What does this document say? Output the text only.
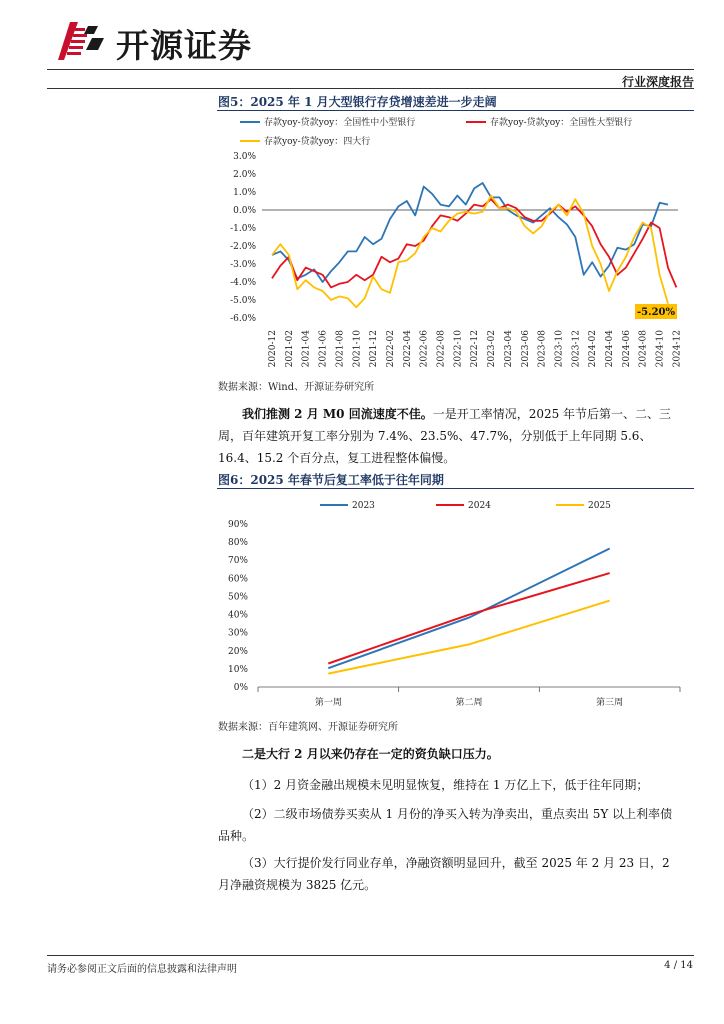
开源证券
行业深度报告
图5：2025 年 1 月大型银行存贷增速差进一步走阔
存款yoy-贷款yoy：全国性中小型银行	存款yoy-贷款yoy：全国性大型银行
存款yoy-贷款yoy：四大行
3.0%
2.0%
1.0%
0.0%
-1.0%
-2.0%
-3.0%
-4.0%
-5.0%
-6.0%
2020-12 2021-02 2021-04 2021-06 2021-08 2021-10 2021-12 2022-02 2022-04 2022-06 2022-08 2022-10 2022-12 2023-02 2023-04 2023-06 2023-08 2023-10 2023-12 2024-02 2024-04 2024-06 2024-08 2024-10 2024-12
-5.20%
数据来源：Wind、开源证券研究所
我们推测 2 月 M0 回流速度不佳。一是开工率情况，2025 年节后第一、二、三周，百年建筑开复工率分别为 7.4%、23.5%、47.7%，分别低于上年同期 5.6、16.4、15.2 个百分点，复工进程整体偏慢。
图6：2025 年春节后复工率低于往年同期
2023	2024	2025
90%
80%
70%
60%
50%
40%
30%
20%
10%
0%
第一周	第二周	第三周
数据来源：百年建筑网、开源证券研究所
二是大行 2 月以来仍存在一定的资负缺口压力。
（1）2 月资金融出规模未见明显恢复，维持在 1 万亿上下，低于往年同期；
（2）二级市场债券买卖从 1 月份的净买入转为净卖出，重点卖出 5Y 以上利率债品种。
（3）大行提价发行同业存单，净融资额明显回升，截至 2025 年 2 月 23 日，2 月净融资规模为 3825 亿元。
请务必参阅正文后面的信息披露和法律声明	4 / 14
